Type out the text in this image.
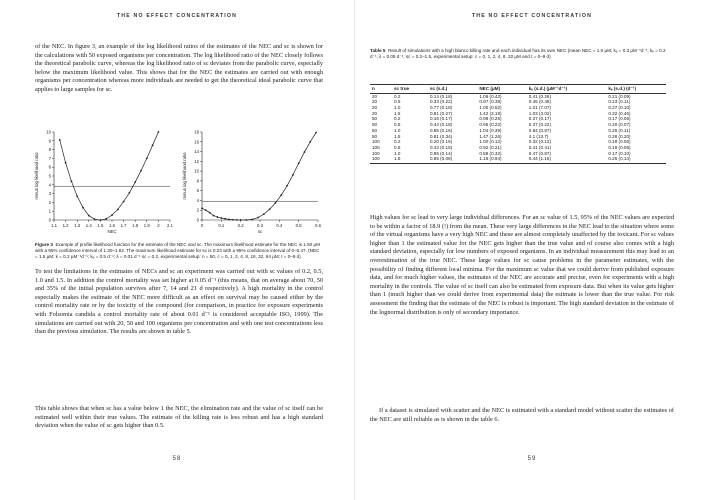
THE NO EFFECT CONCENTRATION

of the NEC. In figure 3, an example of the log likelihood ratios of the estimates of the NEC and sc is shown for the calculations with 50 exposed organisms per concentration. The log likelihood ratio of the NEC closely follows the theoretical parabolic curve, whereas the log likelihood ratio of sc deviates from the parabolic curve, especially below the maximum likelihood value. This shows that for the NEC the estimates are carried out with enough organisms per concentration whereas more individuals are needed to get the theoretical ideal parabolic curve that applies to large samples for sc.

1.1 1.2 1.3 1.4 1.5 1.6 1.7 1.8 1.9 2 2.1
0
1
2
3
4
5
6
7
8
9
10
NEC
minus log likelihood ratio
0	0.1	0.2	0.3	0.4	0.5	0.6
0
2
4
6
8
10
12
14
16
18
sc
minus log likelihood ratio
Figure 3 Example of profile likelihood function for the estimate of the NEC and sc. The maximum likelihood estimate for the NEC is 1.50 μM with a 95% confidence interval of 1.30–1.82. The maximum likelihood estimate for sc is 0.23 with a 95% confidence interval of 0–0.47. (NEC = 1.5 μM; k = 0.2 μM⁻¹d⁻¹; kₑ = 0.5 d⁻¹; λ = 0.01 d⁻¹ sc = 0.2, experimental setup: n = 50, c = 0, 1, 2, 4, 8, 16, 32, 64 μM; t = 0–9 d)

To test the limitations in the estimates of NECs and sc an experiment was carried out with sc values of 0.2, 0.5, 1.0 and 1.5. In addition the control mortality was set higher at 0.05 d⁻¹ (this means, that on average about 70, 50 and 35% of the initial population survives after 7, 14 and 21 d respectively). A high mortality in the control especially makes the estimate of the NEC more difficult as an effect on survival may be caused either by the control mortality rate or by the toxicity of the compound (for comparison, in practice for exposure experiments with Folsomia candida a control mortality rate of about 0.01 d⁻¹ is considered acceptable ISO, 1999). The simulations are carried out with 20, 50 and 100 organisms per concentration and with one test concentrations less than the previous simulation. The results are shown in table 5.

This table shows that when sc has a value below 1 the NEC, the elimination rate and the value of sc itself can be estimated well within their true values. The estimate of the killing rate is less robust and has a high standard deviation when the value of sc gets higher than 0.5.

58
THE NO EFFECT CONCENTRATION
Table 5 Result of simulations with a high blanco killing rate and each individual has its own NEC (mean NEC = 1.0 μM; kₑ = 0.3 μM⁻¹d⁻¹; kₑ = 0.2 d⁻¹; λ = 0.05 d⁻¹; sc = 0.2–1.5, experimental setup: c = 0, 1, 2, 4, 8, 32 μM and t = 0–9 d)
n	sc true	sc (s.d.)	NEC (μM)	kₑ (s.d.) (μM⁻¹d⁻¹)	kₑ (s.d.) (d⁻¹)
20	0.2	0.14 (0.18)	1.09 (0.42)	0.41 (0.26)	0.21 (0.09)
20	0.5	0.33 (0.22)	0.97 (0.38)	0.45 (0.48)	0.23 (0.11)
20	1.0	0.77 (0.18)	1.00 (0.52)	1.01 (7.07)	0.27 (0.10)
20	1.5	0.81 (0.27)	1.42 (2.18)	1.03 (3.02)	0.32 (0.46)
50	0.2	0.16 (0.17)	0.98 (0.26)	0.37 (0.17)	0.17 (0.06)
50	0.5	0.44 (0.18)	0.95 (0.22)	0.37 (0.22)	0.20 (0.07)
50	1.0	0.85 (0.16)	1.04 (0.39)	0.84 (0.87)	0.25 (0.11)
50	1.5	0.81 (0.34)	1.47 (1.26)	4.1 (13.7)	0.28 (0.20)
100	0.2	0.20 (0.15)	1.00 (0.12)	0.32 (0.12)	0.18 (0.06)
100	0.5	0.43 (0.15)	0.92 (0.21)	0.41 (0.41)	0.19 (0.08)
100	1.0	0.85 (0.14)	0.89 (0.32)	0.47 (0.87)	0.17 (0.10)
100	1.5	0.85 (0.08)	1.16 (0.94)	0.44 (1.16)	0.26 (0.14)

High values for sc lead to very large individual differences. For an sc value of 1.5, 95% of the NEC values are expected to be within a factor of 18.9 (!) from the mean. These very large differences in the NEC lead to the situation where some of the virtual organisms have a very high NEC and these are almost completely unaffected by the toxicant. For sc values higher than 1 the estimated value for the NEC gets higher than the true value and of course also comes with a high standard deviation, especially for low numbers of exposed organisms. In an individual measurement this may lead to an overestimation of the true NEC. These large values for sc cause problems in the parameter estimates, with the possibility of finding different local minima. For the maximum sc value that we could derive from published exposure data, and for much higher values, the estimates of the NEC are accurate and precise, even for experiments with a high mortality in the controls. The value of sc itself can also be estimated from exposure data. But when its value gets higher than 1 (much higher than we could derive from experimental data) the estimate is lower than the true value. For risk assessment the finding that the estimate of the NEC is robust is important. The high standard deviation in the estimate of the lognormal distribution is only of secondary importance.

If a dataset is simulated with scatter and the NEC is estimated with a standard model without scatter the estimates of the NEC are still reliable as is shown in the table 6.

59
